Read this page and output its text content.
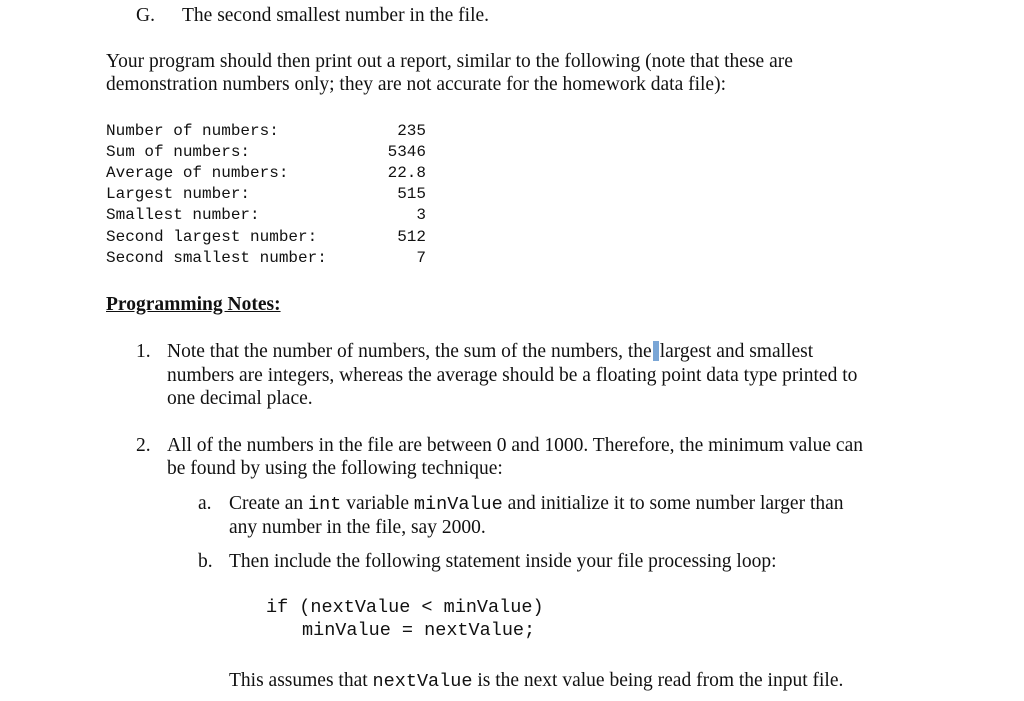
G. The second smallest number in the file.
Your program should then print out a report, similar to the following (note that these are
demonstration numbers only; they are not accurate for the homework data file):
Number of numbers:	235
Sum of numbers:	5346
Average of numbers:	22.8
Largest number:	515
Smallest number:	3
Second largest number:	512
Second smallest number:	7
Programming Notes:
1. Note that the number of numbers, the sum of the numbers, the largest and smallest
numbers are integers, whereas the average should be a floating point data type printed to
one decimal place.
2. All of the numbers in the file are between 0 and 1000. Therefore, the minimum value can
be found by using the following technique:
a. Create an int variable minValue and initialize it to some number larger than
any number in the file, say 2000.
b. Then include the following statement inside your file processing loop:
if (nextValue < minValue)
minValue = nextValue;
This assumes that nextValue is the next value being read from the input file.
